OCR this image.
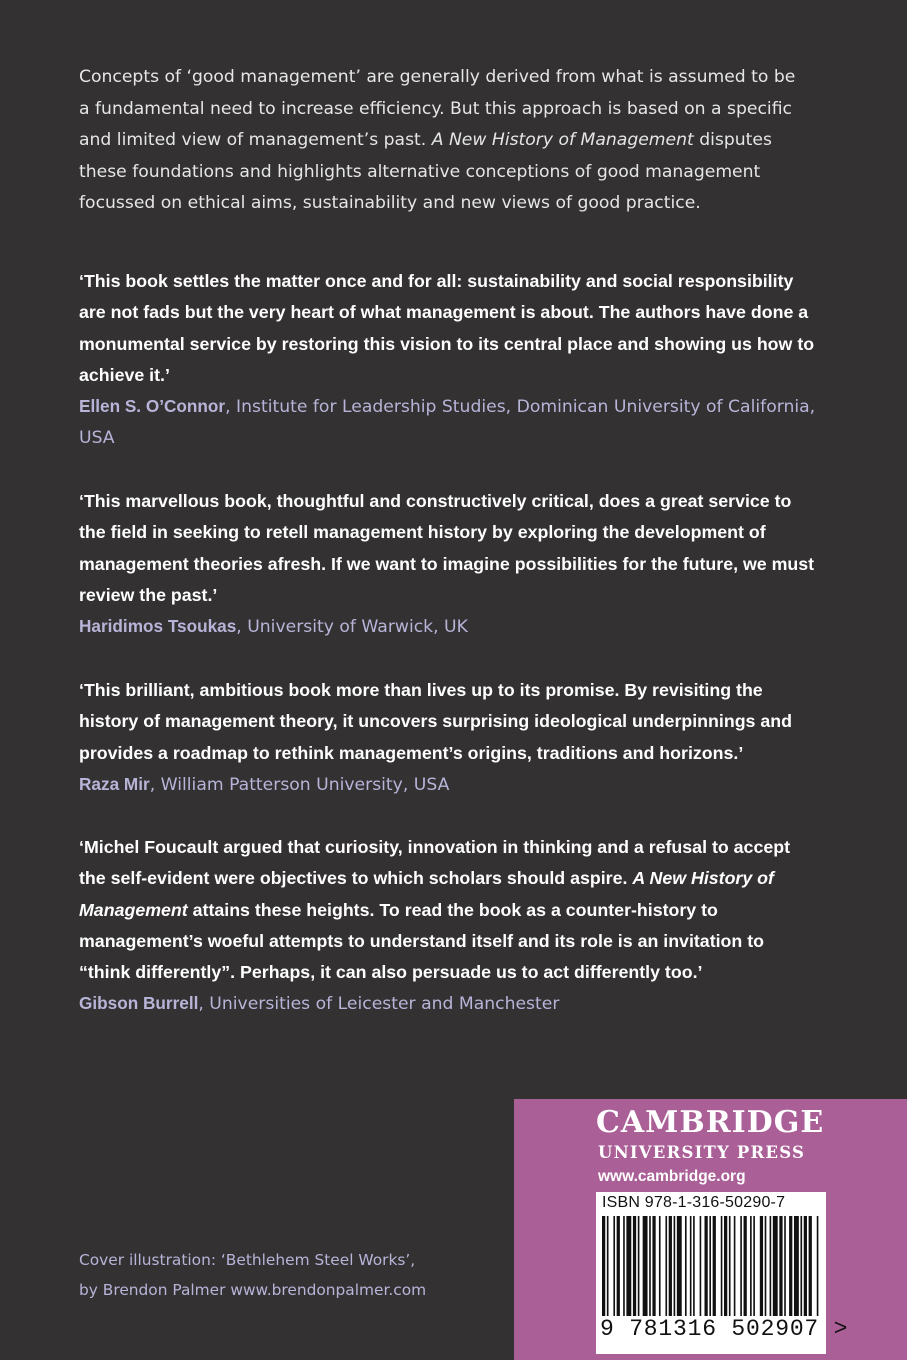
Concepts of ‘good management’ are generally derived from what is assumed to be a fundamental need to increase efficiency. But this approach is based on a specific and limited view of management’s past. A New History of Management disputes these foundations and highlights alternative conceptions of good management focussed on ethical aims, sustainability and new views of good practice.

‘This book settles the matter once and for all: sustainability and social responsibility are not fads but the very heart of what management is about. The authors have done a monumental service by restoring this vision to its central place and showing us how to achieve it.’

Ellen S. O’Connor, Institute for Leadership Studies, Dominican University of California, USA

‘This marvellous book, thoughtful and constructively critical, does a great service to the field in seeking to retell management history by exploring the development of management theories afresh. If we want to imagine possibilities for the future, we must review the past.’

Haridimos Tsoukas, University of Warwick, UK

‘This brilliant, ambitious book more than lives up to its promise. By revisiting the history of management theory, it uncovers surprising ideological underpinnings and provides a roadmap to rethink management’s origins, traditions and horizons.’

Raza Mir, William Patterson University, USA

‘Michel Foucault argued that curiosity, innovation in thinking and a refusal to accept the self-evident were objectives to which scholars should aspire. A New History of Management attains these heights. To read the book as a counter-history to management’s woeful attempts to understand itself and its role is an invitation to “think differently”. Perhaps, it can also persuade us to act differently too.’

Gibson Burrell, Universities of Leicester and Manchester

Cover illustration: ‘Bethlehem Steel Works’,
by Brendon Palmer www.brendonpalmer.com

CAMBRIDGE
UNIVERSITY PRESS
www.cambridge.org
ISBN 978-1-316-50290-7
9 781316 502907 >
